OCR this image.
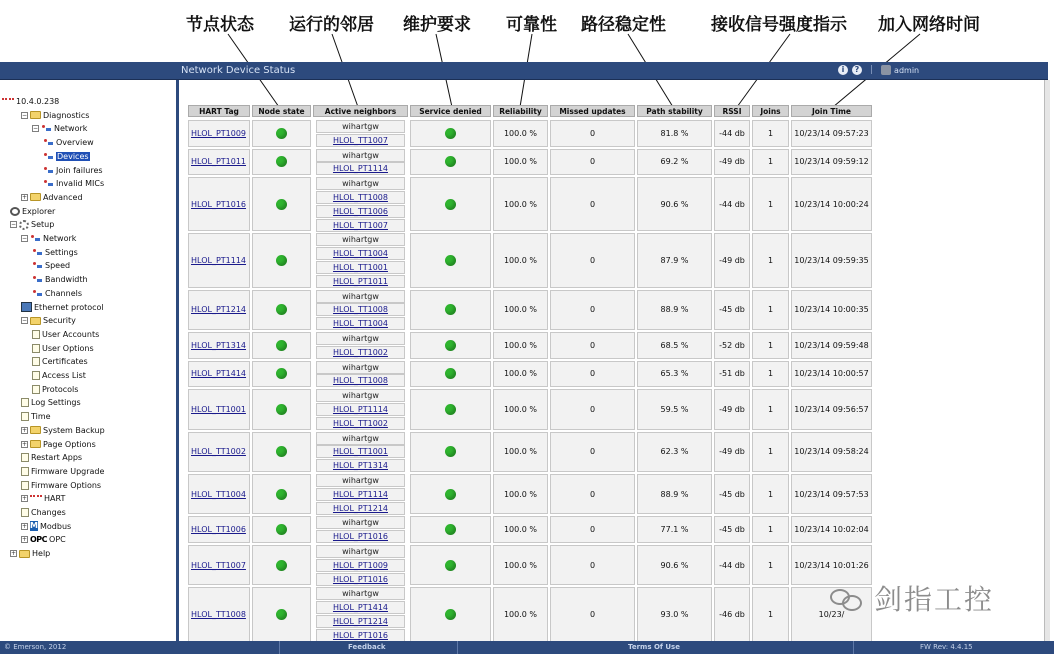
节点状态 运行的邻居 维护要求 可靠性 路径稳定性	接收信号强度指示 加入网络时间
Network Device Status	i	? |	admin
10.4.0.238
− Diagnostics
− Network
Overview
Devices
Join failures
Invalid MICs
+ Advanced
Explorer
− Setup
− Network
Settings
Speed
Bandwidth
Channels
Ethernet protocol
− Security
User Accounts
User Options
Certificates
Access List
Protocols
Log Settings
Time
+ System Backup
+ Page Options
Restart Apps
Firmware Upgrade
Firmware Options
+ HART
Changes
+ M Modbus
+ OPC OPC
+ Help
HART Tag	Node state	Active neighbors	Service denied	Reliability	Missed updates	Path stability	RSSI	Joins	Join Time
HLOL_PT1009
wihartgw
HLOL_TT1007
100.0 %	0	81.8 %	-44 db	1	10/23/14 09:57:23
HLOL_PT1011
wihartgw
HLOL_PT1114
100.0 %	0	69.2 %	-49 db	1	10/23/14 09:59:12
HLOL_PT1016
wihartgw
HLOL_TT1008
HLOL_TT1006
HLOL_TT1007
100.0 %	0	90.6 %	-44 db	1	10/23/14 10:00:24
HLOL_PT1114
wihartgw
HLOL_TT1004
HLOL_TT1001
HLOL_PT1011
100.0 %	0	87.9 %	-49 db	1	10/23/14 09:59:35
HLOL_PT1214
wihartgw
HLOL_TT1008
HLOL_TT1004
100.0 %	0	88.9 %	-45 db	1	10/23/14 10:00:35
HLOL_PT1314
wihartgw
HLOL_TT1002
100.0 %	0	68.5 %	-52 db	1	10/23/14 09:59:48
HLOL_PT1414
wihartgw
HLOL_TT1008
100.0 %	0	65.3 %	-51 db	1	10/23/14 10:00:57
HLOL_TT1001
wihartgw
HLOL_PT1114
HLOL_TT1002
100.0 %	0	59.5 %	-49 db	1	10/23/14 09:56:57
HLOL_TT1002
wihartgw
HLOL_TT1001
HLOL_PT1314
100.0 %	0	62.3 %	-49 db	1	10/23/14 09:58:24
HLOL_TT1004
wihartgw
HLOL_PT1114
HLOL_PT1214
100.0 %	0	88.9 %	-45 db	1	10/23/14 09:57:53
HLOL_TT1006
wihartgw
HLOL_PT1016
100.0 %	0	77.1 %	-45 db	1	10/23/14 10:02:04
HLOL_TT1007
wihartgw
HLOL_PT1009
HLOL_PT1016
100.0 %	0	90.6 %	-44 db	1	10/23/14 10:01:26
HLOL_TT1008
wihartgw
HLOL_PT1414
HLOL_PT1214
HLOL_PT1016
100.0 %	0	93.0 %	-46 db	1	10/23/ 剑指工控
© Emerson, 2012	Feedback	Terms Of Use	FW Rev: 4.4.15
